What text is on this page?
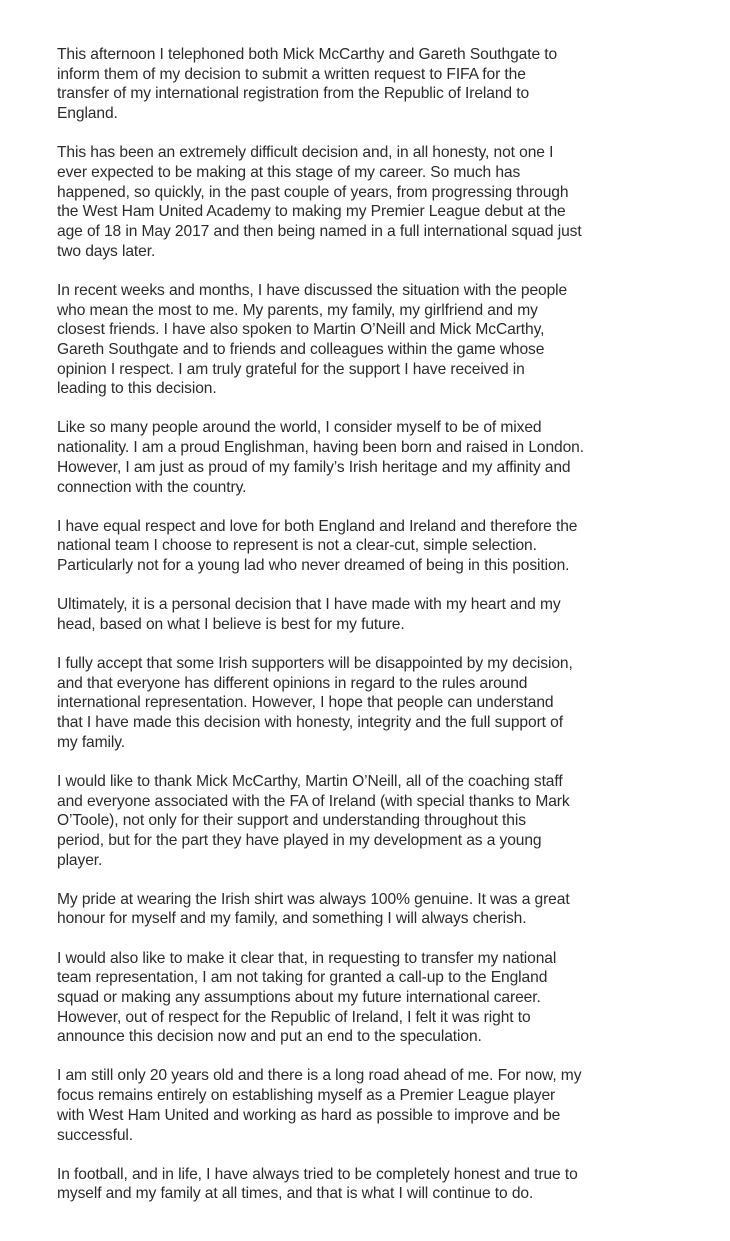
This afternoon I telephoned both Mick McCarthy and Gareth Southgate to
inform them of my decision to submit a written request to FIFA for the
transfer of my international registration from the Republic of Ireland to
England.

This has been an extremely difficult decision and, in all honesty, not one I
ever expected to be making at this stage of my career. So much has
happened, so quickly, in the past couple of years, from progressing through
the West Ham United Academy to making my Premier League debut at the
age of 18 in May 2017 and then being named in a full international squad just
two days later.

In recent weeks and months, I have discussed the situation with the people
who mean the most to me. My parents, my family, my girlfriend and my
closest friends. I have also spoken to Martin O’Neill and Mick McCarthy,
Gareth Southgate and to friends and colleagues within the game whose
opinion I respect. I am truly grateful for the support I have received in
leading to this decision.

Like so many people around the world, I consider myself to be of mixed
nationality. I am a proud Englishman, having been born and raised in London.
However, I am just as proud of my family’s Irish heritage and my affinity and
connection with the country.

I have equal respect and love for both England and Ireland and therefore the
national team I choose to represent is not a clear-cut, simple selection.
Particularly not for a young lad who never dreamed of being in this position.

Ultimately, it is a personal decision that I have made with my heart and my
head, based on what I believe is best for my future.

I fully accept that some Irish supporters will be disappointed by my decision,
and that everyone has different opinions in regard to the rules around
international representation. However, I hope that people can understand
that I have made this decision with honesty, integrity and the full support of
my family.

I would like to thank Mick McCarthy, Martin O’Neill, all of the coaching staff
and everyone associated with the FA of Ireland (with special thanks to Mark
O’Toole), not only for their support and understanding throughout this
period, but for the part they have played in my development as a young
player.

My pride at wearing the Irish shirt was always 100% genuine. It was a great
honour for myself and my family, and something I will always cherish.

I would also like to make it clear that, in requesting to transfer my national
team representation, I am not taking for granted a call-up to the England
squad or making any assumptions about my future international career.
However, out of respect for the Republic of Ireland, I felt it was right to
announce this decision now and put an end to the speculation.

I am still only 20 years old and there is a long road ahead of me. For now, my
focus remains entirely on establishing myself as a Premier League player
with West Ham United and working as hard as possible to improve and be
successful.

In football, and in life, I have always tried to be completely honest and true to
myself and my family at all times, and that is what I will continue to do.
